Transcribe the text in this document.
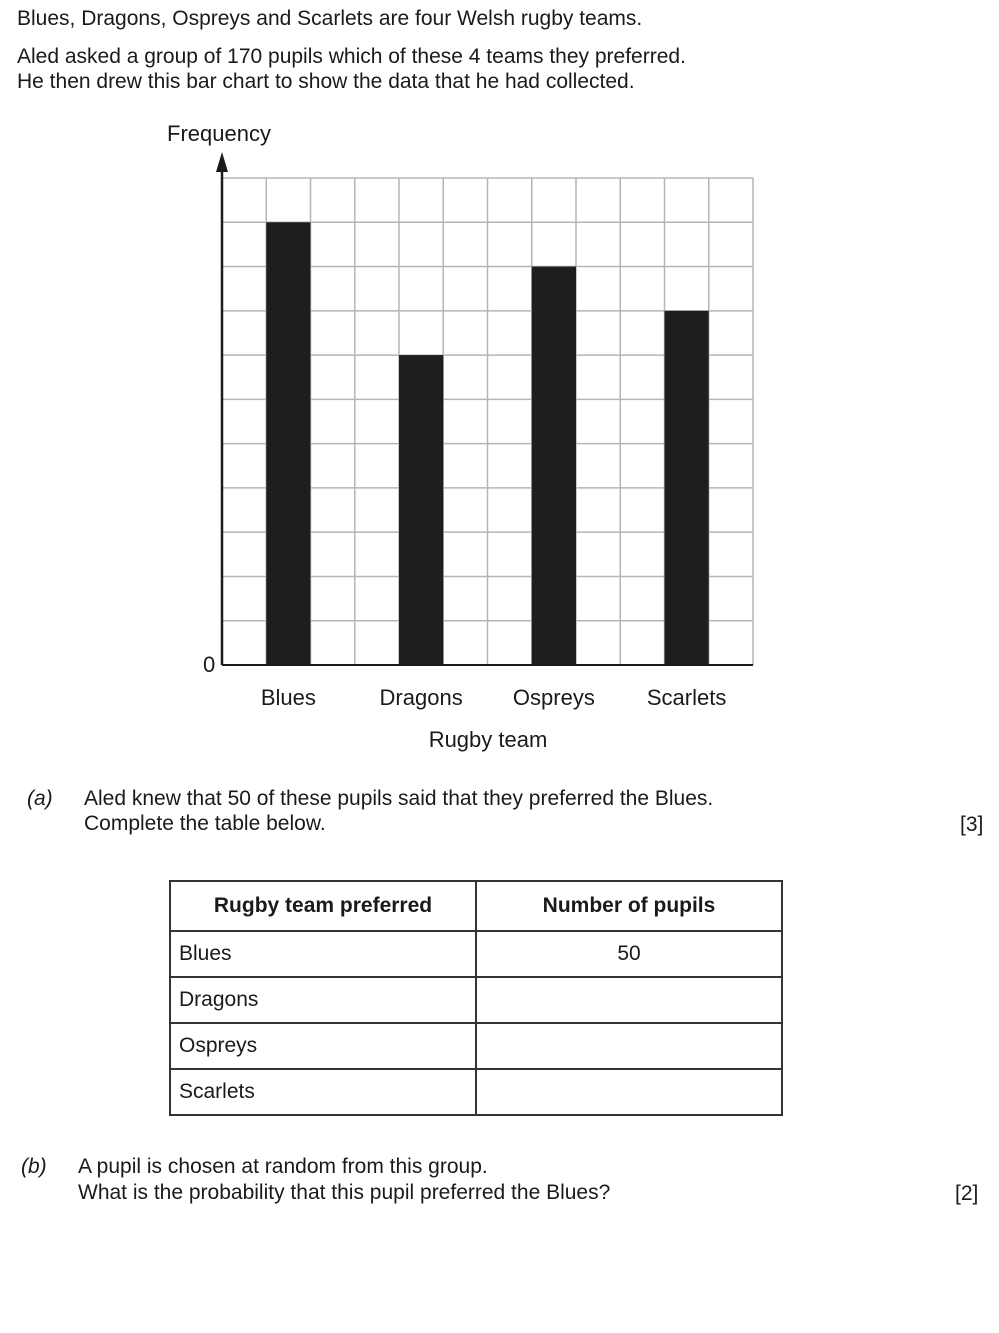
Blues, Dragons, Ospreys and Scarlets are four Welsh rugby teams.
Aled asked a group of 170 pupils which of these 4 teams they preferred.
He then drew this bar chart to show the data that he had collected.
Frequency
Rugby team
Blues	Dragons Ospreys Scarlets
0
(a) Aled knew that 50 of these pupils said that they preferred the Blues.
Complete the table below.	[3]
Rugby team preferred	Number of pupils
Blues	50
Dragons	
Ospreys	
Scarlets	
(b) A pupil is chosen at random from this group.
What is the probability that this pupil preferred the Blues?	[2]
